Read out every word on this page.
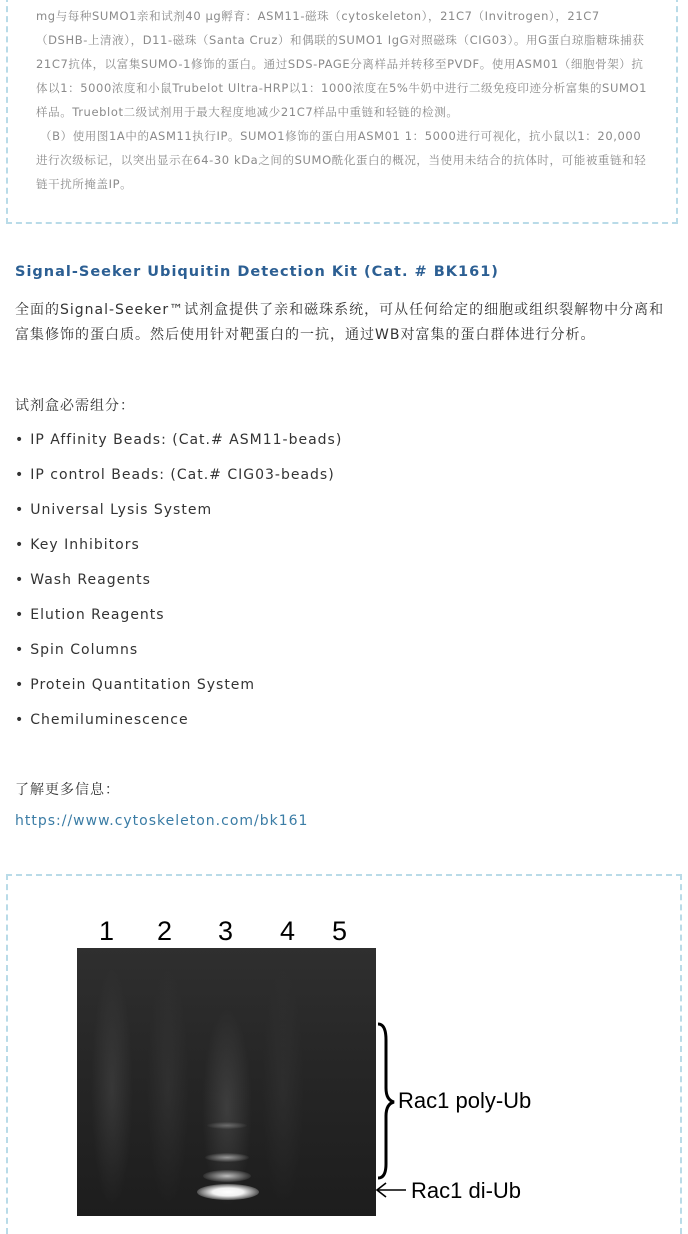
mg与每种SUMO1亲和试剂40 µg孵育：ASM11-磁珠（cytoskeleton），21C7（Invitrogen），21C7（DSHB-上清液），D11-磁珠（Santa Cruz）和偶联的SUMO1 IgG对照磁珠（CIG03）。用G蛋白琼脂糖珠捕获21C7抗体，以富集SUMO-1修饰的蛋白。通过SDS-PAGE分离样品并转移至PVDF。使用ASM01（细胞骨架）抗体以1：5000浓度和小鼠Trubelot Ultra-HRP以1：1000浓度在5%牛奶中进行二级免疫印迹分析富集的SUMO1样品。Trueblot二级试剂用于最大程度地减少21C7样品中重链和轻链的检测。

（B）使用图1A中的ASM11执行IP。SUMO1修饰的蛋白用ASM01 1：5000进行可视化，抗小鼠以1：20,000进行次级标记，以突出显示在64-30 kDa之间的SUMO酰化蛋白的概况，当使用未结合的抗体时，可能被重链和轻链干扰所掩盖IP。

Signal-Seeker Ubiquitin Detection Kit (Cat. # BK161)
全面的Signal-Seeker™试剂盒提供了亲和磁珠系统，可从任何给定的细胞或组织裂解物中分离和富集修饰的蛋白质。然后使用针对靶蛋白的一抗，通过WB对富集的蛋白群体进行分析。
试剂盒必需组分：
• IP Affinity Beads: (Cat.# ASM11-beads)
• IP control Beads: (Cat.# CIG03-beads)
• Universal Lysis System
• Key Inhibitors
• Wash Reagents
• Elution Reagents
• Spin Columns
• Protein Quantitation System
• Chemiluminescence
了解更多信息：
https://www.cytoskeleton.com/bk161
1 2 3 4 5
Rac1 poly-Ub
Rac1 di-Ub
